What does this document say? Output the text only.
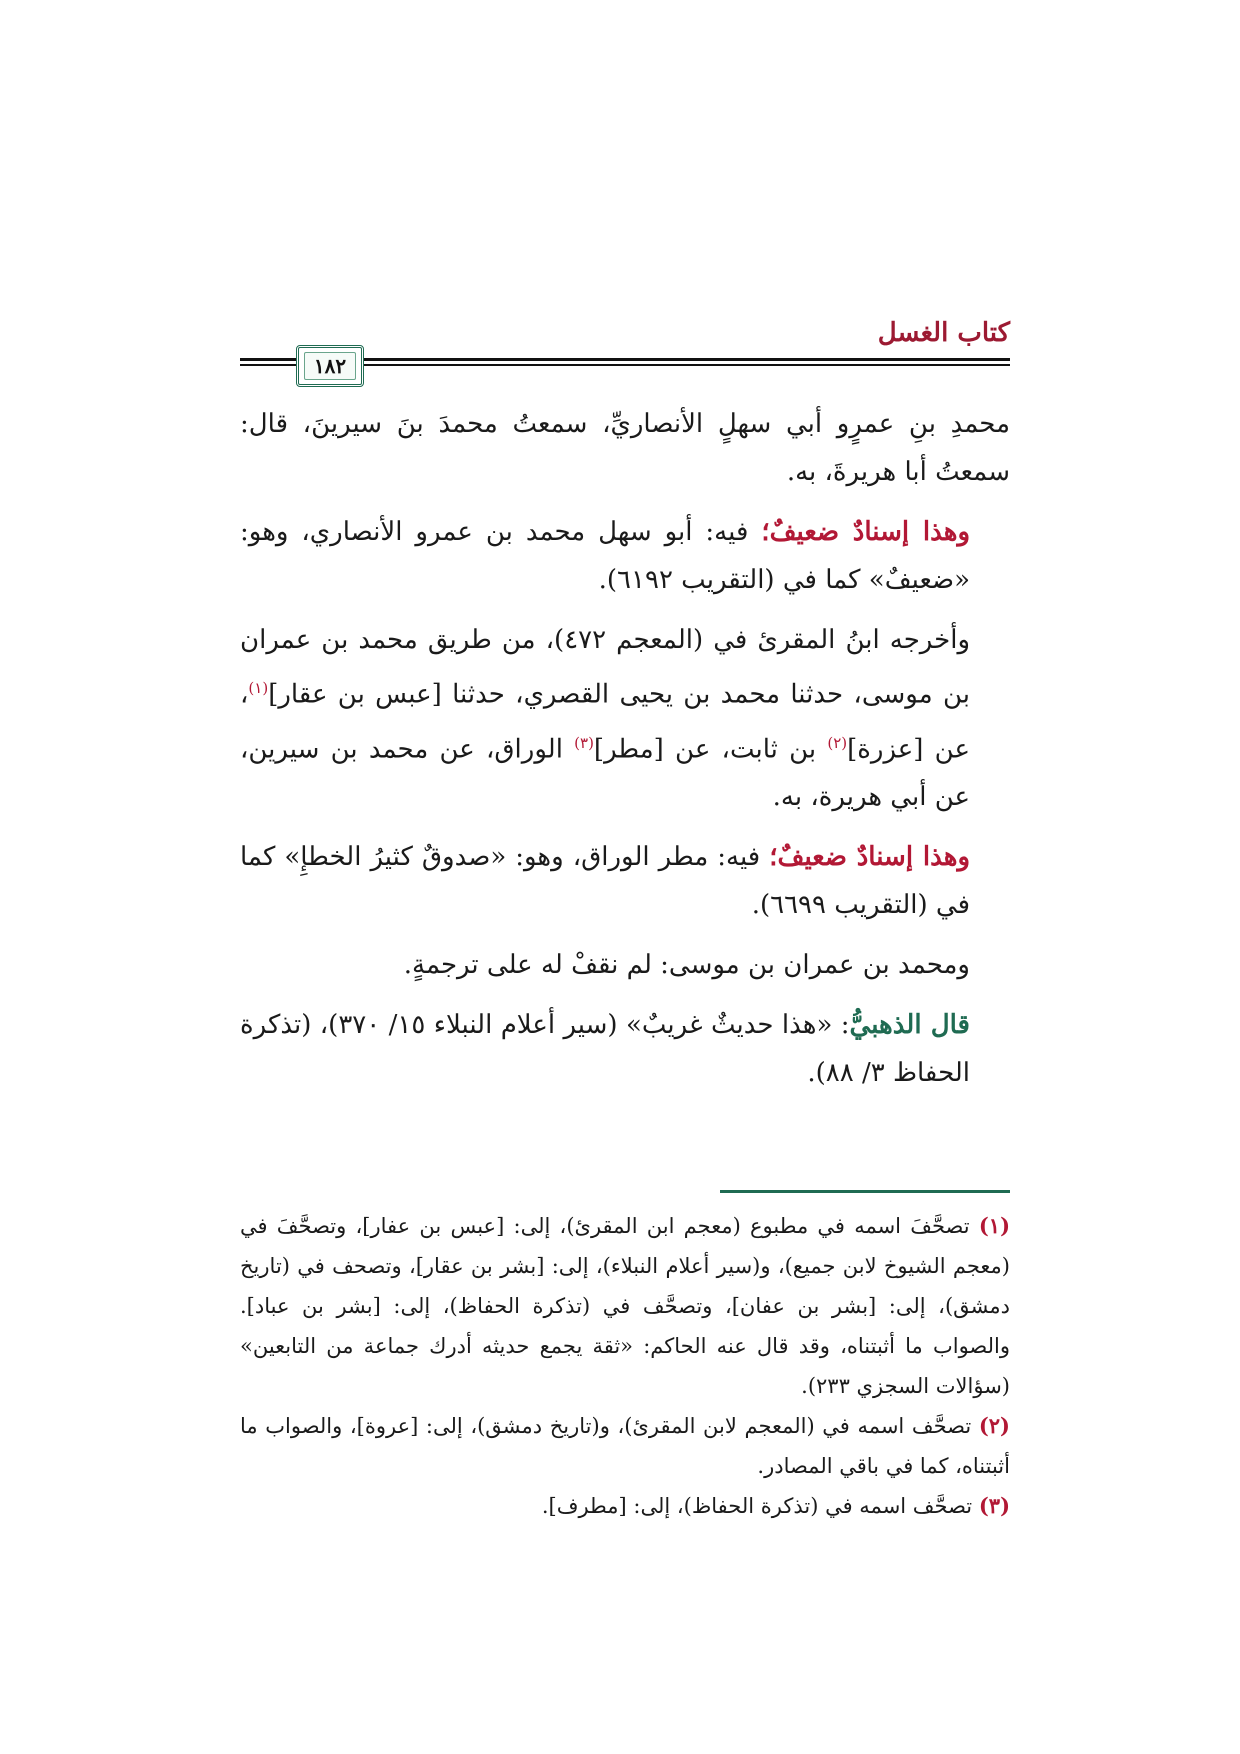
كتاب الغسل
١٨٢

محمدِ بنِ عمرٍو أبي سهلٍ الأنصاريِّ، سمعتُ محمدَ بنَ سيرينَ، قال: سمعتُ أبا هريرةَ، به.

وهذا إسنادٌ ضعيفٌ؛ فيه: أبو سهل محمد بن عمرو الأنصاري، وهو: «ضعيفٌ» كما في (التقريب ٦١٩٢).

وأخرجه ابنُ المقرئ في (المعجم ٤٧٢)، من طريق محمد بن عمران بن موسى، حدثنا محمد بن يحيى القصري، حدثنا [عبس بن عقار]$^{(١)}$، عن [عزرة]$^{(٢)}$ بن ثابت، عن [مطر]$^{(٣)}$ الوراق، عن محمد بن سيرين، عن أبي هريرة، به.

وهذا إسنادٌ ضعيفٌ؛ فيه: مطر الوراق، وهو: «صدوقٌ كثيرُ الخطإِ» كما في (التقريب ٦٦٩٩).

ومحمد بن عمران بن موسى: لم نقفْ له على ترجمةٍ.

قال الذهبيُّ: «هذا حديثٌ غريبٌ» (سير أعلام النبلاء ١٥/ ٣٧٠)، (تذكرة الحفاظ ٣/ ٨٨).

(١) تصحَّفَ اسمه في مطبوع (معجم ابن المقرئ)، إلى: [عبس بن عفار]، وتصحَّفَ في (معجم الشيوخ لابن جميع)، و(سير أعلام النبلاء)، إلى: [بشر بن عقار]، وتصحف في (تاريخ دمشق)، إلى: [بشر بن عفان]، وتصحَّف في (تذكرة الحفاظ)، إلى: [بشر بن عباد]. والصواب ما أثبتناه، وقد قال عنه الحاكم: «ثقة يجمع حديثه أدرك جماعة من التابعين» (سؤالات السجزي ٢٣٣).

(٢) تصحَّف اسمه في (المعجم لابن المقرئ)، و(تاريخ دمشق)، إلى: [عروة]، والصواب ما أثبتناه، كما في باقي المصادر.

(٣) تصحَّف اسمه في (تذكرة الحفاظ)، إلى: [مطرف].
